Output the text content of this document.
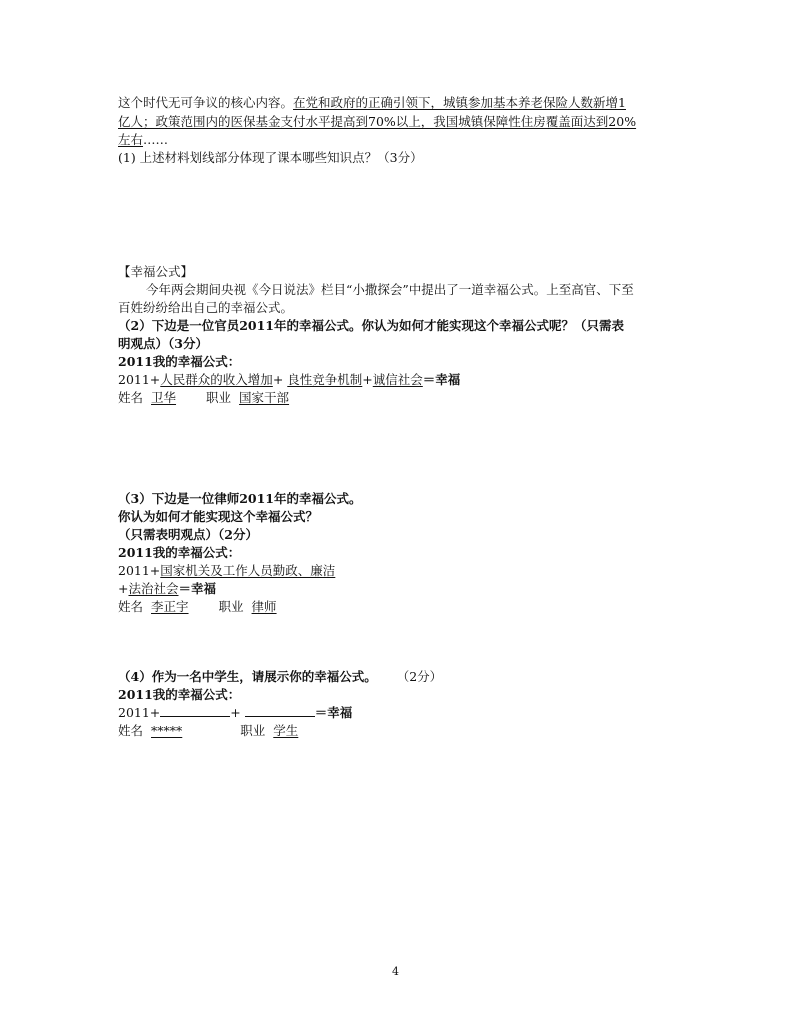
这个时代无可争议的核心内容。在党和政府的正确引领下，城镇参加基本养老保险人数新增1
亿人；政策范围内的医保基金支付水平提高到70%以上，我国城镇保障性住房覆盖面达到20%
左右……
(1) 上述材料划线部分体现了课本哪些知识点？（3分）
【幸福公式】
今年两会期间央视《今日说法》栏目“小撒探会”中提出了一道幸福公式。上至高官、下至
百姓纷纷给出自己的幸福公式。
（2）下边是一位官员2011年的幸福公式。你认为如何才能实现这个幸福公式呢？（只需表
明观点）（3分）
2011我的幸福公式：
2011+人民群众的收入增加+ 良性竞争机制+诚信社会＝幸福
姓名 卫华 职业 国家干部
（3）下边是一位律师2011年的幸福公式。
你认为如何才能实现这个幸福公式？
（只需表明观点）（2分）
2011我的幸福公式：
2011+国家机关及工作人员勤政、廉洁
+法治社会＝幸福
姓名 李正宇 职业 律师
（4）作为一名中学生，请展示你的幸福公式。 （2分）
2011我的幸福公式：
2011+	+	＝幸福
姓名 *****	职业 学生
4
